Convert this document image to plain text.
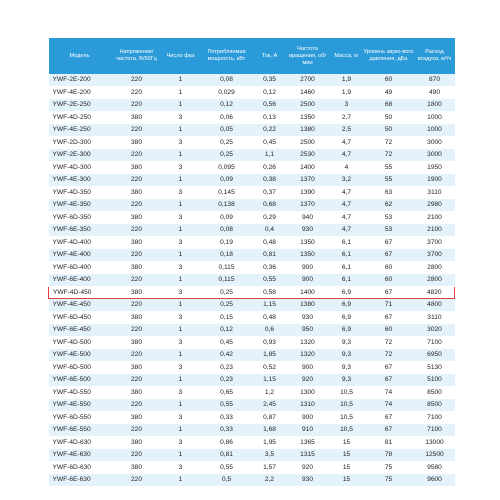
Модель	Напряжение/ частота, В/50Гц	Число фаз	Потребляемая мощность, кВт	Ток, А	Частота вращения, об/мин	Масса, кг	Уровень звуко-вого давления, дБа	Расход воздуха, м³/ч
YWF-2E-200	220	1	0,08	0,35	2700	1,9	60	870
YWF-4E-200	220	1	0,029	0,12	1460	1,9	49	490
YWF-2E-250	220	1	0,12	0,56	2500	3	68	1800
YWF-4D-250	380	3	0,06	0,13	1350	2,7	50	1000
YWF-4E-250	220	1	0,05	0,22	1380	2,5	50	1000
YWF-2D-300	380	3	0,25	0,45	2500	4,7	72	3000
YWF-2E-300	220	1	0,25	1,1	2530	4,7	72	3000
YWF-4D-300	380	3	0,095	0,26	1400	4	55	1950
YWF-4E-300	220	1	0,09	0,38	1370	3,2	55	1900
YWF-4D-350	380	3	0,145	0,37	1390	4,7	63	3110
YWF-4E-350	220	1	0,138	0,68	1370	4,7	62	2980
YWF-6D-350	380	3	0,09	0,29	940	4,7	53	2100
YWF-6E-350	220	1	0,08	0,4	930	4,7	53	2100
YWF-4D-400	380	3	0,19	0,48	1350	6,1	67	3700
YWF-4E-400	220	1	0,18	0,81	1350	6,1	67	3700
YWF-6D-400	380	3	0,115	0,36	900	6,1	60	2800
YWF-6E-400	220	1	0,115	0,55	900	6,1	60	2800
YWF-4D-450	380	3	0,25	0,58	1400	6,9	67	4820
YWF-4E-450	220	1	0,25	1,15	1380	6,9	71	4800
YWF-6D-450	380	3	0,15	0,48	930	6,9	67	3110
YWF-6E-450	220	1	0,12	0,6	950	6,9	60	3020
YWF-4D-500	380	3	0,45	0,93	1320	9,3	72	7100
YWF-4E-500	220	1	0,42	1,85	1320	9,3	72	6950
YWF-6D-500	380	3	0,23	0,52	900	9,3	67	5130
YWF-6E-500	220	1	0,23	1,15	920	9,3	67	5100
YWF-4D-550	380	3	0,65	1,2	1300	10,5	74	8500
YWF-4E-550	220	1	0,55	2,45	1310	10,5	74	8500
YWF-6D-550	380	3	0,33	0,87	900	10,5	67	7100
YWF-6E-550	220	1	0,33	1,68	910	10,5	67	7100
YWF-4D-630	380	3	0,86	1,95	1365	15	81	13000
YWF-4E-630	220	1	0,81	3,5	1315	15	78	12500
YWF-6D-630	380	3	0,55	1,57	920	15	75	9580
YWF-6E-630	220	1	0,5	2,2	930	15	75	9600
